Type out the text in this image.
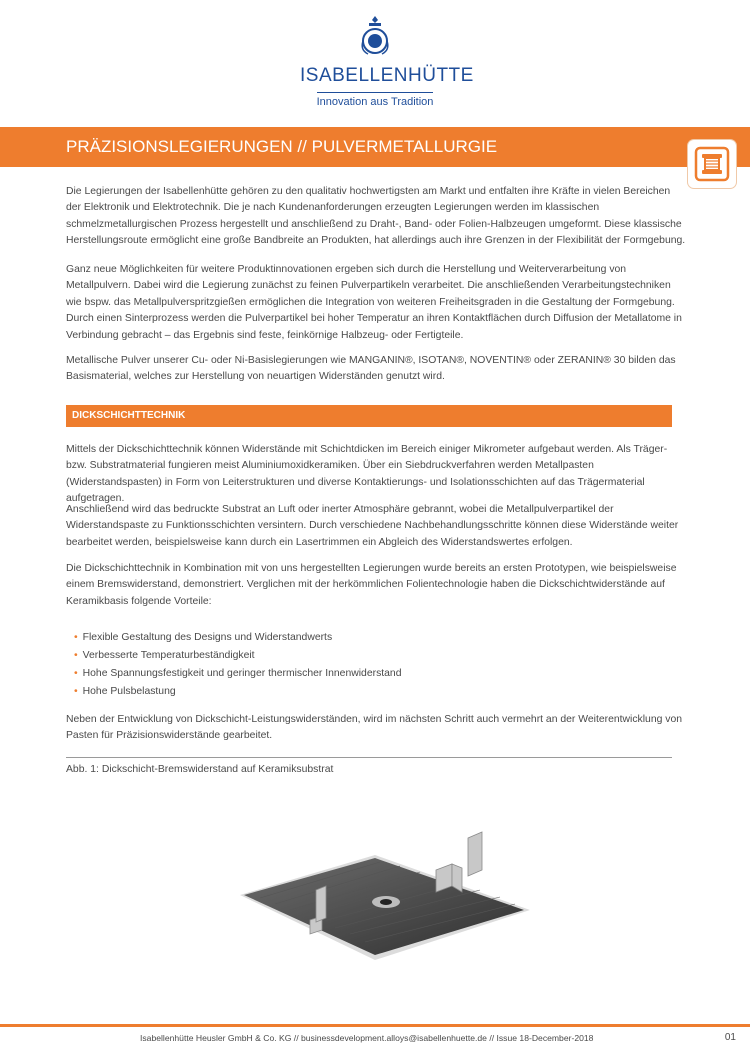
ISABELLENHÜTTE
Innovation aus Tradition
PRÄZISIONSLEGIERUNGEN // PULVERMETALLURGIE

Die Legierungen der Isabellenhütte gehören zu den qualitativ hochwertigsten am Markt und entfalten ihre Kräfte in vielen Bereichen der Elektronik und Elektrotechnik. Die je nach Kundenanforderungen erzeugten Legierungen werden im klassischen schmelzmetallurgischen Prozess hergestellt und anschließend zu Draht-, Band- oder Folien-Halbzeugen umgeformt. Diese klassische Herstellungsroute ermöglicht eine große Bandbreite an Produkten, hat allerdings auch ihre Grenzen in der Flexibilität der Formgebung.

Ganz neue Möglichkeiten für weitere Produktinnovationen ergeben sich durch die Herstellung und Weiterverarbeitung von Metallpulvern. Dabei wird die Legierung zunächst zu feinen Pulverpartikeln verarbeitet. Die anschließenden Verarbeitungstechniken wie bspw. das Metallpulverspritzgießen ermöglichen die Integration von weiteren Freiheitsgraden in die Gestaltung der Formgebung. Durch einen Sinterprozess werden die Pulverpartikel bei hoher Temperatur an ihren Kontaktflächen durch Diffusion der Metallatome in Verbindung gebracht – das Ergebnis sind feste, feinkörnige Halbzeug- oder Fertigteile.

Metallische Pulver unserer Cu- oder Ni-Basislegierungen wie MANGANIN®, ISOTAN®, NOVENTIN® oder ZERANIN® 30 bilden das Basismaterial, welches zur Herstellung von neuartigen Widerständen genutzt wird.

DICKSCHICHTTECHNIK

Mittels der Dickschichttechnik können Widerstände mit Schichtdicken im Bereich einiger Mikrometer aufgebaut werden. Als Träger- bzw. Substratmaterial fungieren meist Aluminiumoxidkeramiken. Über ein Siebdruckverfahren werden Metallpasten (Widerstandspasten) in Form von Leiterstrukturen und diverse Kontaktierungs- und Isolationsschichten auf das Trägermaterial aufgetragen.

Anschließend wird das bedruckte Substrat an Luft oder inerter Atmosphäre gebrannt, wobei die Metallpulverpartikel der Widerstandspaste zu Funktionsschichten versintern. Durch verschiedene Nachbehandlungsschritte können diese Widerstände weiter bearbeitet werden, beispielsweise kann durch ein Lasertrimmen ein Abgleich des Widerstandswertes erfolgen.

Die Dickschichttechnik in Kombination mit von uns hergestellten Legierungen wurde bereits an ersten Prototypen, wie beispielsweise einem Bremswiderstand, demonstriert. Verglichen mit der herkömmlichen Folientechnologie haben die Dickschichtwiderstände auf Keramikbasis folgende Vorteile:

• Flexible Gestaltung des Designs und Widerstandwerts
• Verbesserte Temperaturbeständigkeit
• Hohe Spannungsfestigkeit und geringer thermischer Innenwiderstand
• Hohe Pulsbelastung

Neben der Entwicklung von Dickschicht-Leistungswiderständen, wird im nächsten Schritt auch vermehrt an der Weiterentwicklung von Pasten für Präzisionswiderstände gearbeitet.

Abb. 1: Dickschicht-Bremswiderstand auf Keramiksubstrat
Isabellenhütte Heusler GmbH & Co. KG // businessdevelopment.alloys@isabellenhuette.de // Issue 18-December-2018	01
